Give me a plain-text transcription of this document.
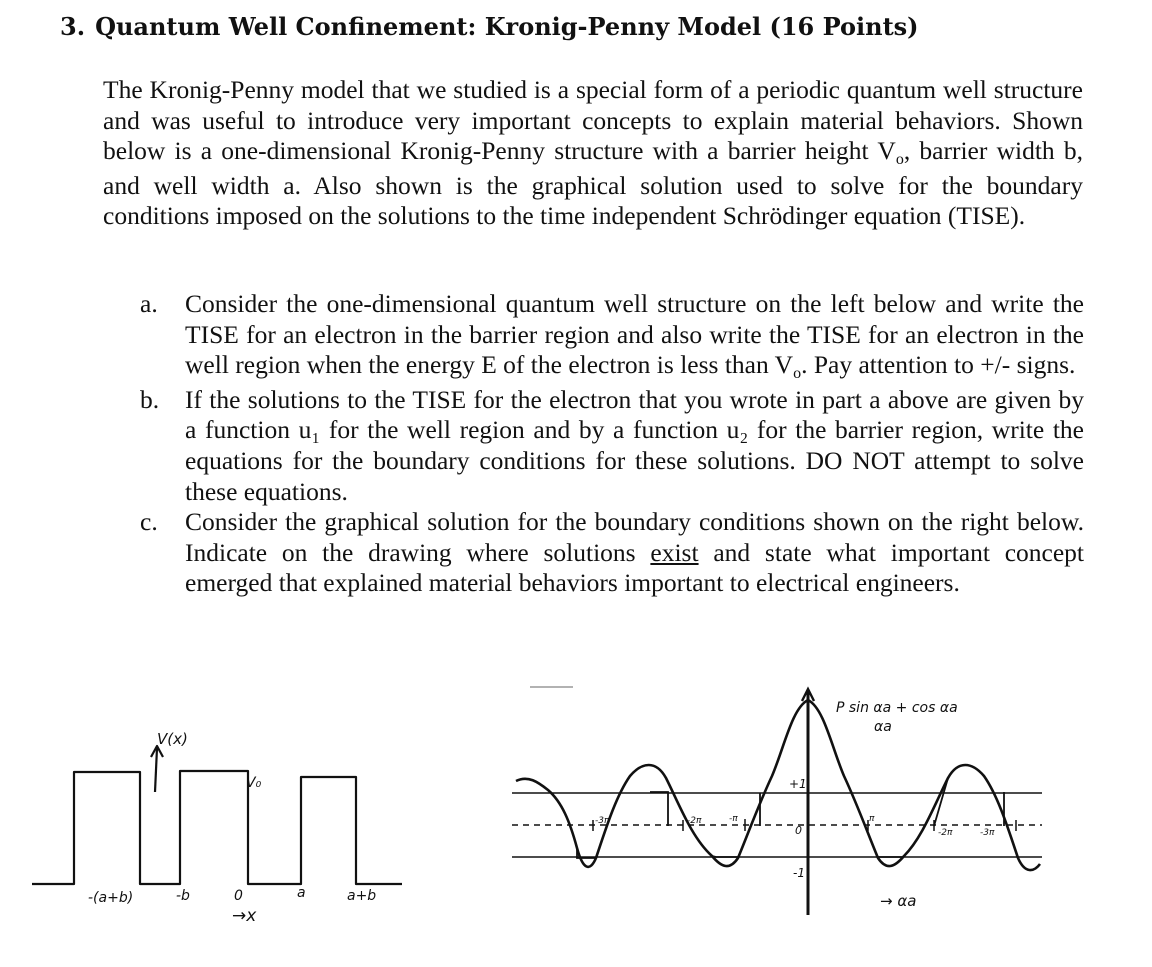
3. Quantum Well Confinement: Kronig-Penny Model (16 Points)

The Kronig-Penny model that we studied is a special form of a periodic quantum well structure and was useful to introduce very important concepts to explain material behaviors. Shown below is a one-dimensional Kronig-Penny structure with a barrier height Vo, barrier width b, and well width a. Also shown is the graphical solution used to solve for the boundary conditions imposed on the solutions to the time independent Schrödinger equation (TISE).

a. Consider the one-dimensional quantum well structure on the left below and write the TISE for an electron in the barrier region and also write the TISE for an electron in the well region when the energy E of the electron is less than Vo. Pay attention to +/- signs.
b. If the solutions to the TISE for the electron that you wrote in part a above are given by a function u₁ for the well region and by a function u₂ for the barrier region, write the equations for the boundary conditions for these solutions. DO NOT attempt to solve these equations.
c. Consider the graphical solution for the boundary conditions shown on the right below. Indicate on the drawing where solutions exist and state what important concept emerged that explained material behaviors important to electrical engineers.
V(x)
V₀
-(a+b)	-b	0	a	a+b
→x
P sin αa + cos αa
αa
+1
-1
0
-3π	-2π	-π	π
-2π	-3π
→ αa
